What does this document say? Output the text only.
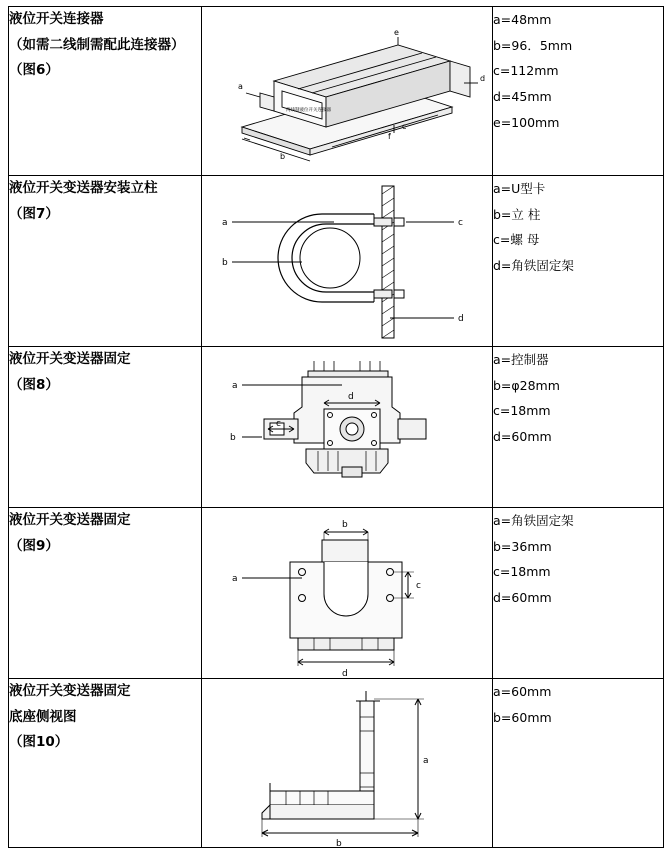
液位开关连接器
（如需二线制需配此连接器）
（图6）

a
b
c
d
e
f
两线制液位开关连接器

a=48mm
b=96．5mm
c=112mm
d=45mm
e=100mm

液位开关变送器安装立柱
（图7）

a
b
c
d

a=U型卡
b=立 柱
c=螺 母
d=角铁固定架

液位开关变送器固定
（图8）	a
b
c
d

a=控制器
b=φ28mm
c=18mm
d=60mm

液位开关变送器固定
（图9）

a
b
c
d

a=角铁固定架
b=36mm
c=18mm
d=60mm

液位开关变送器固定
底座侧视图
（图10）

a
b

a=60mm
b=60mm
